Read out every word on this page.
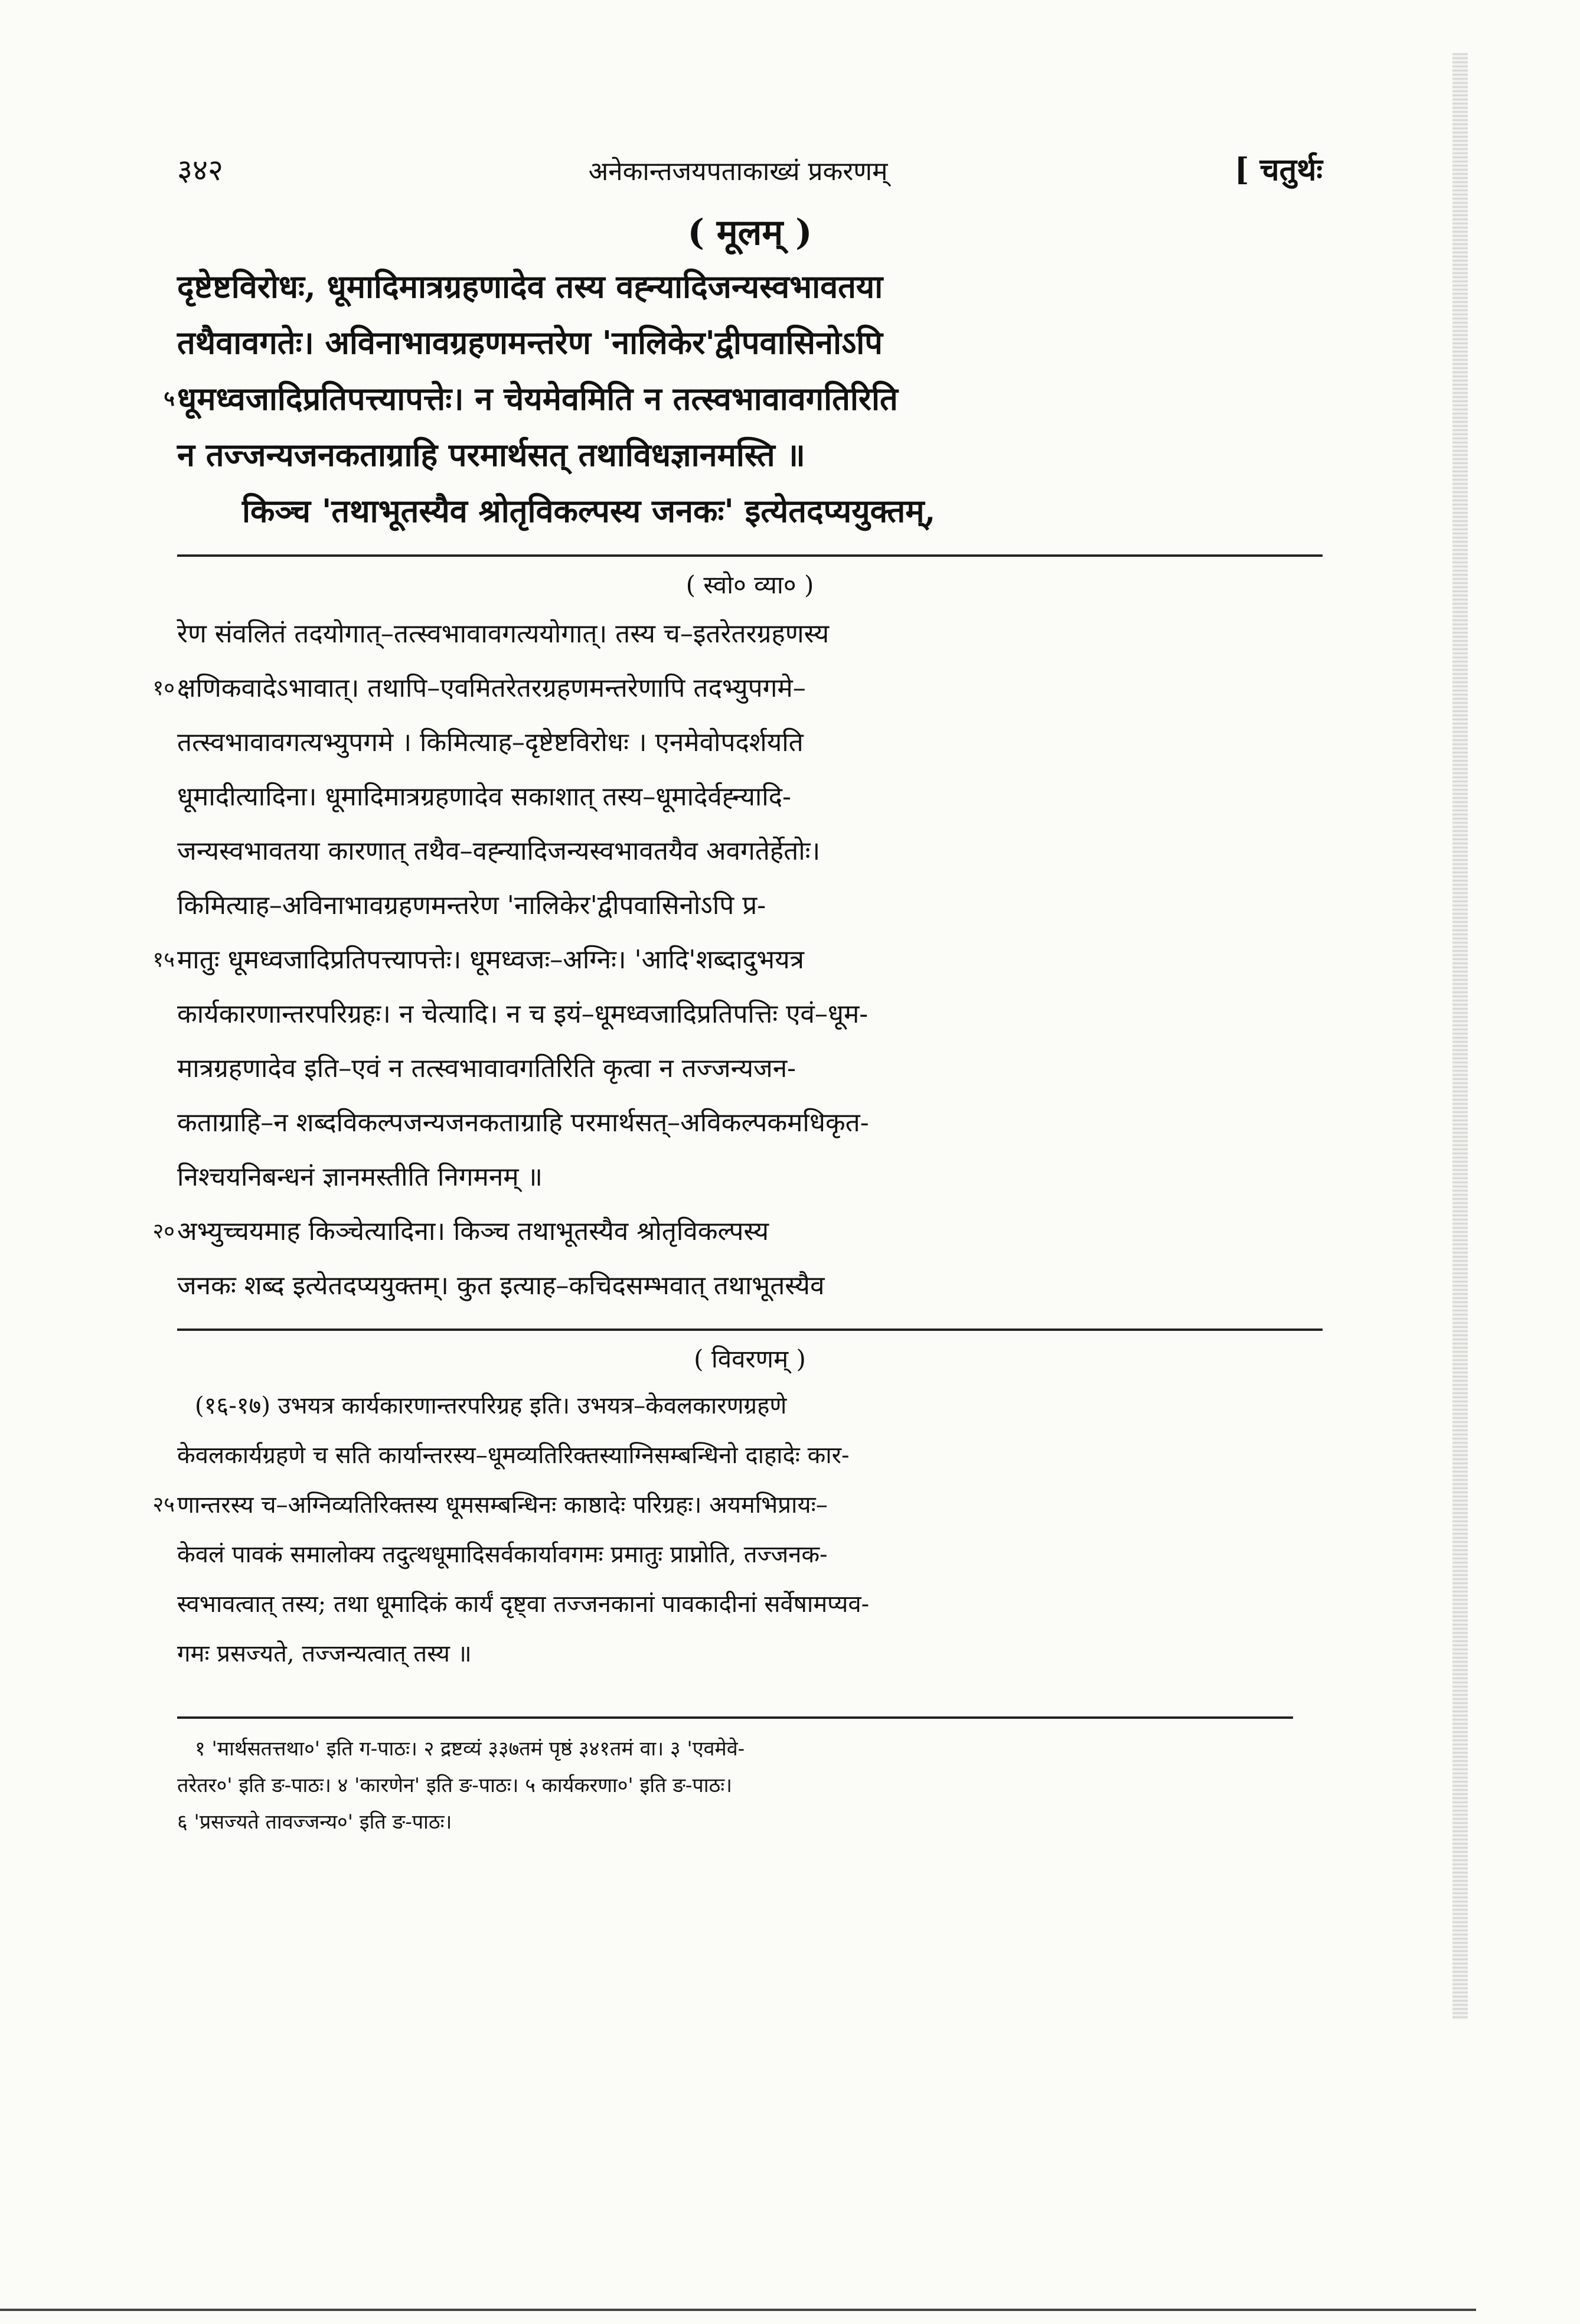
३४२	अनेकान्तजयपताकाख्यं प्रकरणम्	[ चतुर्थः
( मूलम् )
दृष्टेष्टविरोधः, धूमादिमात्रग्रहणादेव तस्य वह्न्यादिजन्यस्वभावतया
तथैवावगतेः। अविनाभावग्रहणमन्तरेण 'नालिकेर'द्वीपवासिनोऽपि
५ धूमध्वजादिप्रतिपत्त्यापत्तेः। न चेयमेवमिति न तत्स्वभावावगतिरिति
न तज्जन्यजनकताग्राहि परमार्थसत् तथाविधज्ञानमस्ति ॥
किञ्च 'तथाभूतस्यैव श्रोतृविकल्पस्य जनकः' इत्येतदप्ययुक्तम्,
( स्वो० व्या० )
रेण संवलितं तदयोगात्–तत्स्वभावावगत्ययोगात्। तस्य च–इतरेतरग्रहणस्य
१० क्षणिकवादेऽभावात्। तथापि–एवमितरेतरग्रहणमन्तरेणापि तदभ्युपगमे–
तत्स्वभावावगत्यभ्युपगमे । किमित्याह–दृष्टेष्टविरोधः । एनमेवोपदर्शयति
धूमादीत्यादिना। धूमादिमात्रग्रहणादेव सकाशात् तस्य–धूमादेर्वह्न्यादि-
जन्यस्वभावतया कारणात् तथैव–वह्न्यादिजन्यस्वभावतयैव अवगतेर्हेतोः।
किमित्याह–अविनाभावग्रहणमन्तरेण 'नालिकेर'द्वीपवासिनोऽपि प्र-
१५ मातुः धूमध्वजादिप्रतिपत्त्यापत्तेः। धूमध्वजः–अग्निः। 'आदि'शब्दादुभयत्र
कार्यकारणान्तरपरिग्रहः। न चेत्यादि। न च इयं–धूमध्वजादिप्रतिपत्तिः एवं–धूम-
मात्रग्रहणादेव इति–एवं न तत्स्वभावावगतिरिति कृत्वा न तज्जन्यजन-
कताग्राहि–न शब्दविकल्पजन्यजनकताग्राहि परमार्थसत्–अविकल्पकमधिकृत-
निश्चयनिबन्धनं ज्ञानमस्तीति निगमनम् ॥
२० अभ्युच्चयमाह किञ्चेत्यादिना। किञ्च तथाभूतस्यैव श्रोतृविकल्पस्य
जनकः शब्द इत्येतदप्ययुक्तम्। कुत इत्याह–कचिदसम्भवात् तथाभूतस्यैव
( विवरणम् )
(१६-१७) उभयत्र कार्यकारणान्तरपरिग्रह इति। उभयत्र–केवलकारणग्रहणे
केवलकार्यग्रहणे च सति कार्यान्तरस्य–धूमव्यतिरिक्तस्याग्निसम्बन्धिनो दाहादेः कार-
२५ णान्तरस्य च–अग्निव्यतिरिक्तस्य धूमसम्बन्धिनः काष्ठादेः परिग्रहः। अयमभिप्रायः–
केवलं पावकं समालोक्य तदुत्थधूमादिसर्वकार्यावगमः प्रमातुः प्राप्नोति, तज्जनक-
स्वभावत्वात् तस्य; तथा धूमादिकं कार्यं दृष्ट्वा तज्जनकानां पावकादीनां सर्वेषामप्यव-
गमः प्रसज्यते, तज्जन्यत्वात् तस्य ॥
१ 'मार्थसतत्तथा०' इति ग-पाठः। २ द्रष्टव्यं ३३७तमं पृष्ठं ३४१तमं वा। ३ 'एवमेवे-
तरेतर०' इति ङ-पाठः। ४ 'कारणेन' इति ङ-पाठः। ५ कार्यकरणा०' इति ङ-पाठः।
६ 'प्रसज्यते तावज्जन्य०' इति ङ-पाठः।
